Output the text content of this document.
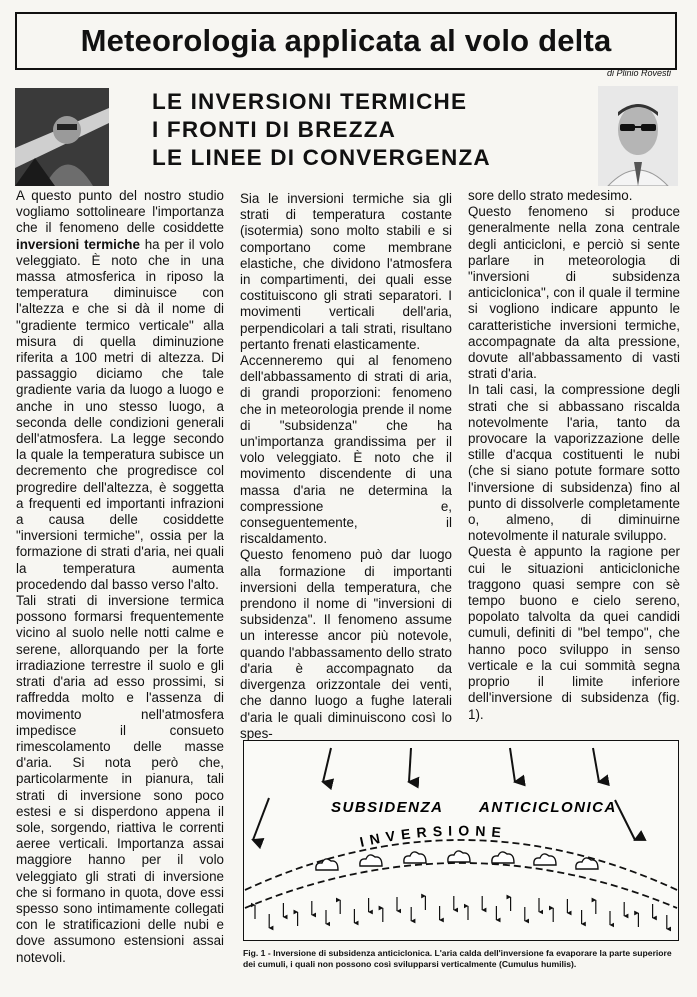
Meteorologia applicata al volo delta
di Plinio Rovesti
LE INVERSIONI TERMICHE
I FRONTI DI BREZZA
LE LINEE DI CONVERGENZA

A questo punto del nostro studio vogliamo sottolineare l'importanza che il fenomeno delle cosiddette inversioni termiche ha per il volo veleggiato. È noto che in una massa atmosferica in riposo la temperatura diminuisce con l'altezza e che si dà il nome di "gradiente termico verticale" alla misura di quella diminuzione riferita a 100 metri di altezza. Di passaggio diciamo che tale gradiente varia da luogo a luogo e anche in uno stesso luogo, a seconda delle condizioni generali dell'atmosfera. La legge secondo la quale la temperatura subisce un decremento che progredisce col progredire dell'altezza, è soggetta a frequenti ed importanti infrazioni a causa delle cosiddette "inversioni termiche", ossia per la formazione di strati d'aria, nei quali la temperatura aumenta procedendo dal basso verso l'alto.

Tali strati di inversione termica possono formarsi frequentemente vicino al suolo nelle notti calme e serene, allorquando per la forte irradiazione terrestre il suolo e gli strati d'aria ad esso prossimi, si raffredda molto e l'assenza di movimento nell'atmosfera impedisce il consueto rimescolamento delle masse d'aria. Si nota però che, particolarmente in pianura, tali strati di inversione sono poco estesi e si disperdono appena il sole, sorgendo, riattiva le correnti aeree verticali. Importanza assai maggiore hanno per il volo veleggiato gli strati di inversione che si formano in quota, dove essi spesso sono intimamente collegati con le stratificazioni delle nubi e dove assumono estensioni assai notevoli.

Sia le inversioni termiche sia gli strati di temperatura costante (isotermia) sono molto stabili e si comportano come membrane elastiche, che dividono l'atmosfera in compartimenti, dei quali esse costituiscono gli strati separatori. I movimenti verticali dell'aria, perpendicolari a tali strati, risultano pertanto frenati elasticamente.

Accenneremo qui al fenomeno dell'abbassamento di strati di aria, di grandi proporzioni: fenomeno che in meteorologia prende il nome di "subsidenza" che ha un'importanza grandissima per il volo veleggiato. È noto che il movimento discendente di una massa d'aria ne determina la compressione e, conseguentemente, il riscaldamento.

Questo fenomeno può dar luogo alla formazione di importanti inversioni della temperatura, che prendono il nome di "inversioni di subsidenza". Il fenomeno assume un interesse ancor più notevole, quando l'abbassamento dello strato d'aria è accompagnato da divergenza orizzontale dei venti, che danno luogo a fughe laterali d'aria le quali diminuiscono così lo spes-

sore dello strato medesimo.

Questo fenomeno si produce generalmente nella zona centrale degli anticicloni, e perciò si sente parlare in meteorologia di "inversioni di subsidenza anticiclonica", con il quale il termine si vogliono indicare appunto le caratteristiche inversioni termiche, accompagnate da alta pressione, dovute all'abbassamento di vasti strati d'aria.

In tali casi, la compressione degli strati che si abbassano riscalda notevolmente l'aria, tanto da provocare la vaporizzazione delle stille d'acqua costituenti le nubi (che si siano potute formare sotto l'inversione di subsidenza) fino al punto di dissolverle completamente o, almeno, di diminuirne notevolmente il naturale sviluppo.

Questa è appunto la ragione per cui le situazioni anticicloniche traggono quasi sempre con sè tempo buono e cielo sereno, popolato talvolta da quei candidi cumuli, definiti di "bel tempo", che hanno poco sviluppo in senso verticale e la cui sommità segna proprio il limite inferiore dell'inversione di subsidenza (fig. 1).

SUBSIDENZA ANTICICLONICA
INVERSIONE
Fig. 1 - Inversione di subsidenza anticiclonica. L'aria calda dell'inversione fa evaporare la parte superiore dei cumuli, i quali non possono così svilupparsi verticalmente (Cumulus humilis).
